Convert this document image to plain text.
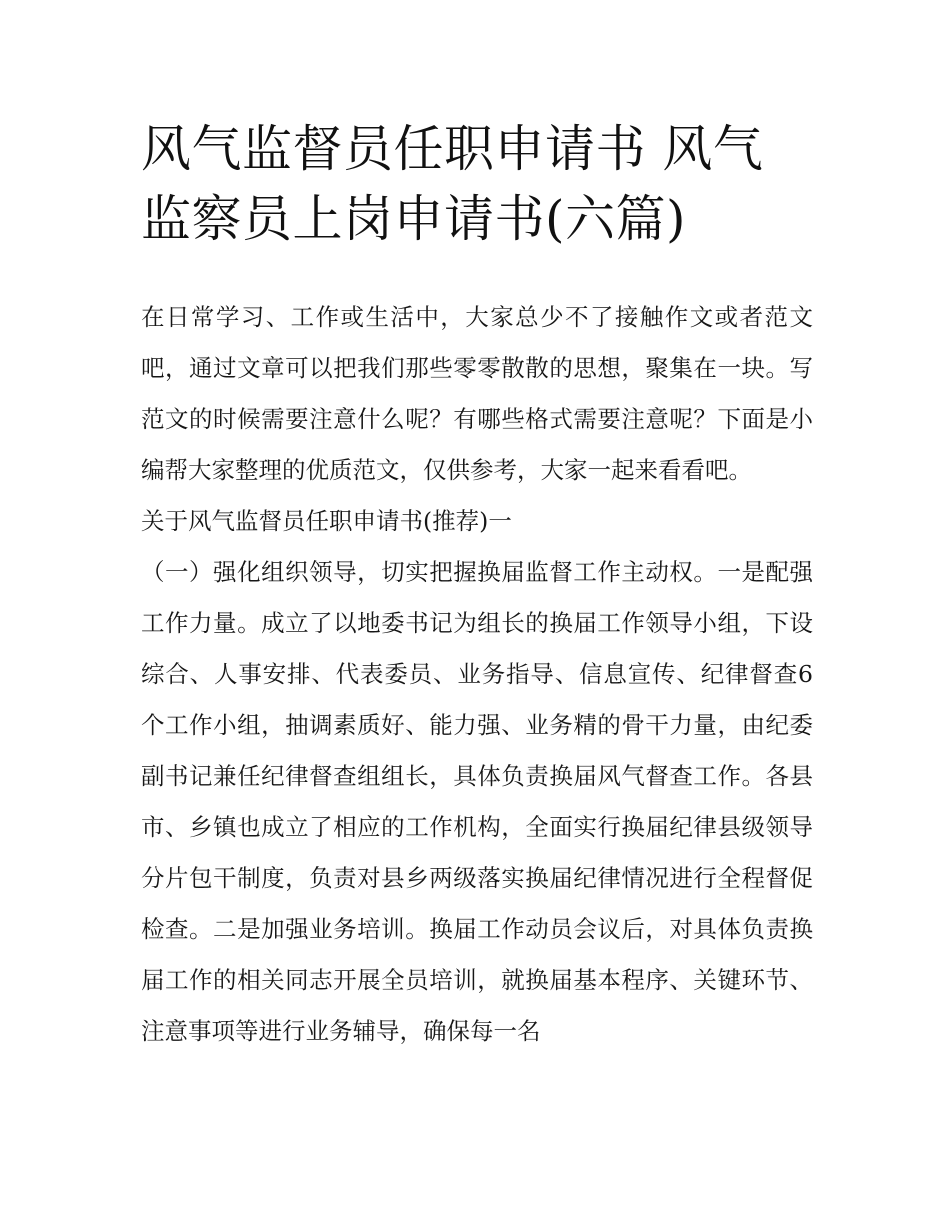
风气监督员任职申请书 风气监察员上岗申请书(六篇)

在日常学习、工作或生活中，大家总少不了接触作文或者范文吧，通过文章可以把我们那些零零散散的思想，聚集在一块。写范文的时候需要注意什么呢？有哪些格式需要注意呢？下面是小编帮大家整理的优质范文，仅供参考，大家一起来看看吧。

关于风气监督员任职申请书(推荐)一

（一）强化组织领导，切实把握换届监督工作主动权。一是配强工作力量。成立了以地委书记为组长的换届工作领导小组，下设综合、人事安排、代表委员、业务指导、信息宣传、纪律督查6个工作小组，抽调素质好、能力强、业务精的骨干力量，由纪委副书记兼任纪律督查组组长，具体负责换届风气督查工作。各县市、乡镇也成立了相应的工作机构，全面实行换届纪律县级领导分片包干制度，负责对县乡两级落实换届纪律情况进行全程督促检查。二是加强业务培训。换届工作动员会议后，对具体负责换届工作的相关同志开展全员培训，就换届基本程序、关键环节、注意事项等进行业务辅导，确保每一名
